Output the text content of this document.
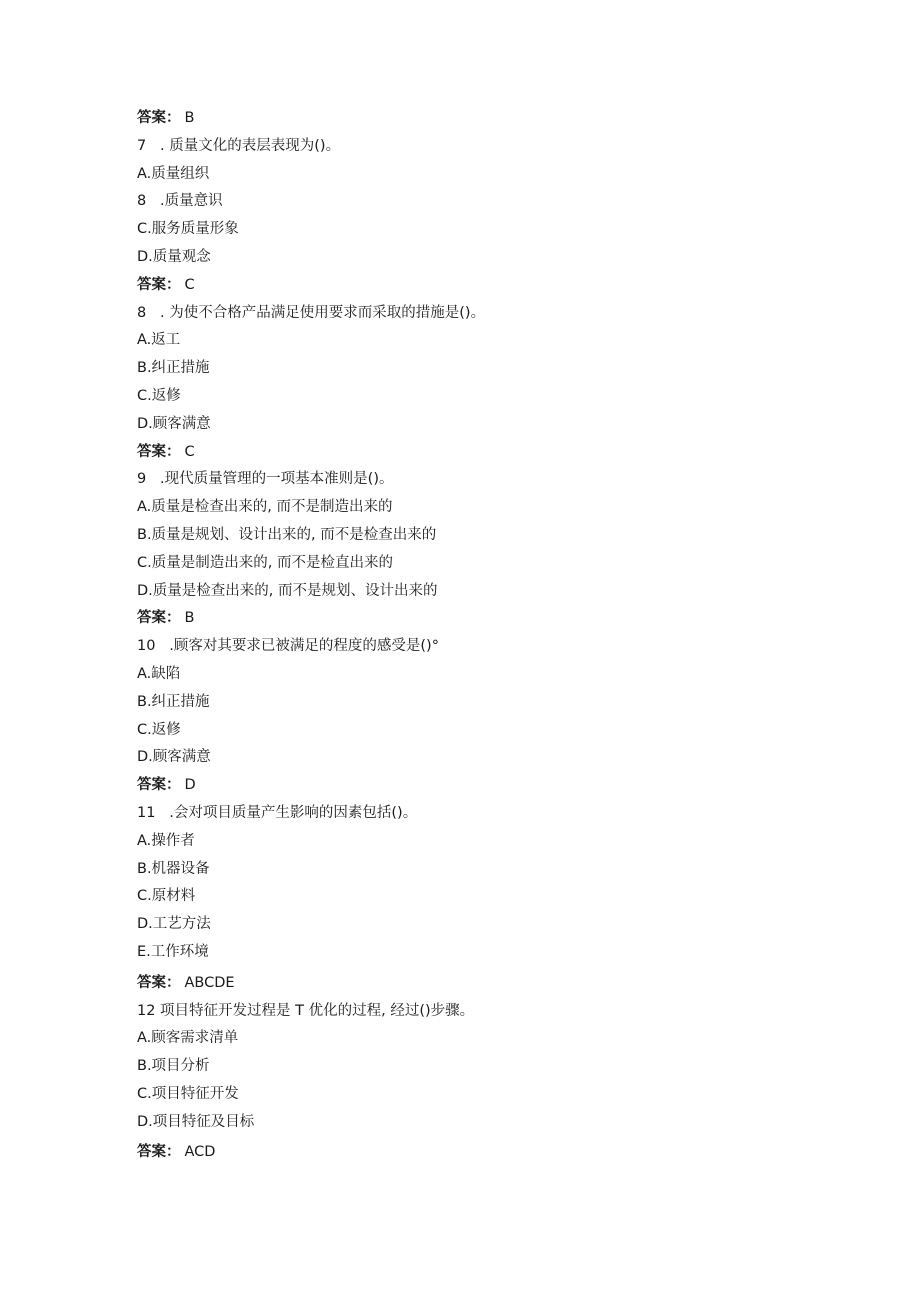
答案： B
7   . 质量文化的表层表现为()。
A.质量组织
8   .质量意识
C.服务质量形象
D.质量观念
答案： C
8   . 为使不合格产品满足使用要求而采取的措施是()。
A.返工
B.纠正措施
C.返修
D.顾客满意
答案： C
9   .现代质量管理的一项基本准则是()。
A.质量是检查出来的, 而不是制造出来的
B.质量是规划、设计出来的, 而不是检查出来的
C.质量是制造出来的, 而不是检直出来的
D.质量是检查出来的, 而不是规划、设计出来的
答案： B
10   .顾客对其要求已被满足的程度的感受是()°
A.缺陷
B.纠正措施
C.返修
D.顾客满意
答案： D
11   .会对项目质量产生影响的因素包括()。
A.操作者
B.机器设备
C.原材料
D.工艺方法
E.工作环境
答案： ABCDE
12 项目特征开发过程是 T 优化的过程, 经过()步骤。
A.顾客需求清单
B.项目分析
C.项目特征开发
D.项目特征及目标
答案： ACD
